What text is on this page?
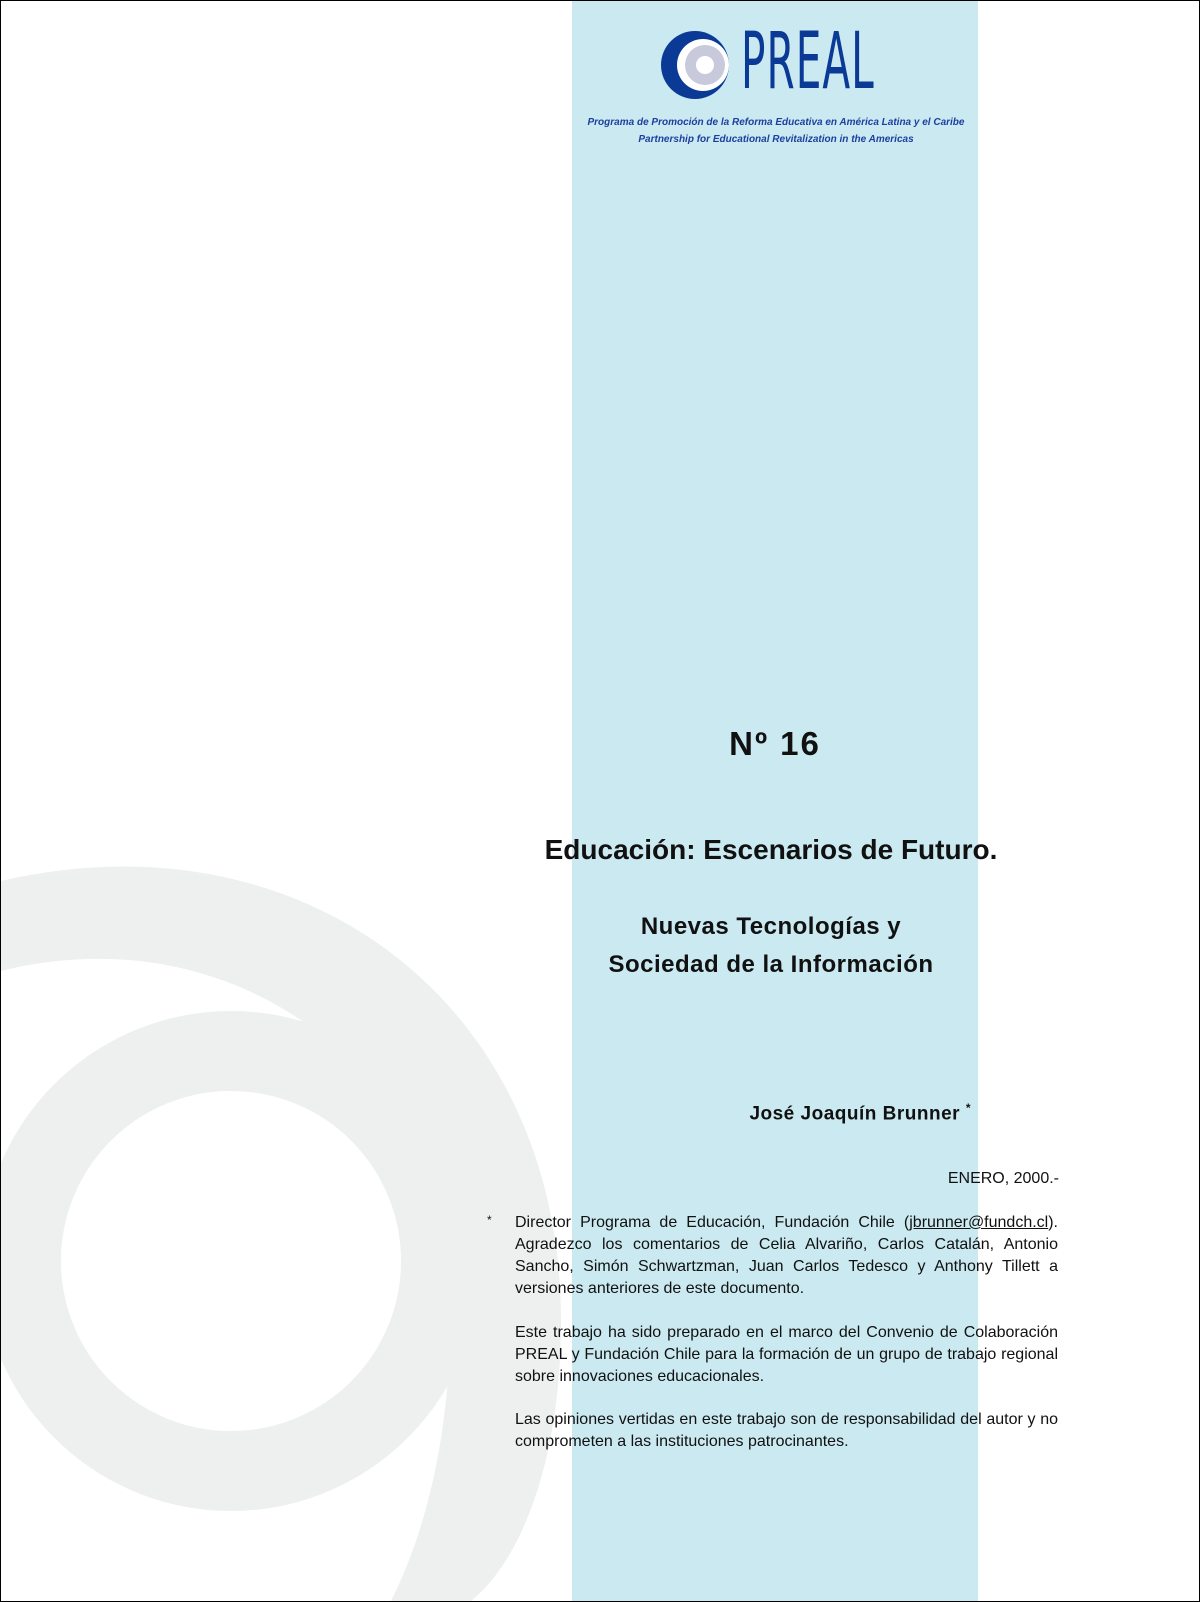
PREAL
Programa de Promoción de la Reforma Educativa en América Latina y el Caribe
Partnership for Educational Revitalization in the Americas
Nº 16
Educación: Escenarios de Futuro.
Nuevas Tecnologías y
Sociedad de la Información
José Joaquín Brunner *
ENERO, 2000.-
* Director Programa de Educación, Fundación Chile (jbrunner@fundch.cl). Agradezco los comentarios de Celia Alvariño, Carlos Catalán, Antonio Sancho, Simón Schwartzman, Juan Carlos Tedesco y Anthony Tillett a versiones anteriores de este documento.
Este trabajo ha sido preparado en el marco del Convenio de Colaboración PREAL y Fundación Chile para la formación de un grupo de trabajo regional sobre innovaciones educacionales.
Las opiniones vertidas en este trabajo son de responsabilidad del autor y no comprometen a las instituciones patrocinantes.
